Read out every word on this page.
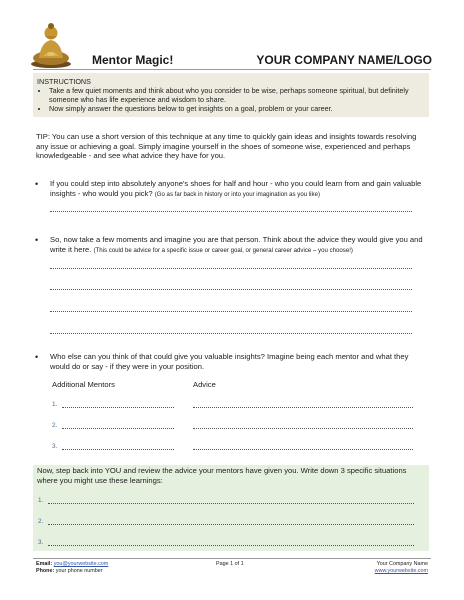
Mentor Magic!	YOUR COMPANY NAME/LOGO
INSTRUCTIONS
• Take a few quiet moments and think about who you consider to be wise, perhaps someone spiritual, but definitely someone who has life experience and wisdom to share.
• Now simply answer the questions below to get insights on a goal, problem or your career.
TIP: You can use a short version of this technique at any time to quickly gain ideas and insights towards resolving any issue or achieving a goal. Simply imagine yourself in the shoes of someone wise, experienced and perhaps knowledgeable - and see what advice they have for you.
• If you could step into absolutely anyone's shoes for half and hour - who you could learn from and gain valuable insights - who would you pick? (Go as far back in history or into your imagination as you like)
• So, now take a few moments and imagine you are that person. Think about the advice they would give you and write it here. (This could be advice for a specific issue or career goal, or general career advice – you choose!)
• Who else can you think of that could give you valuable insights? Imagine being each mentor and what they would do or say - if they were in your position.
Additional Mentors	Advice
1.
2.
3.
Now, step back into YOU and review the advice your mentors have given you. Write down 3 specific situations where you might use these learnings:
1.
2.
3.
Email: you@yourwebsite.com
Phone: your phone number
Page 1 of 1	Your Company Name
www.yourwebsite.com
